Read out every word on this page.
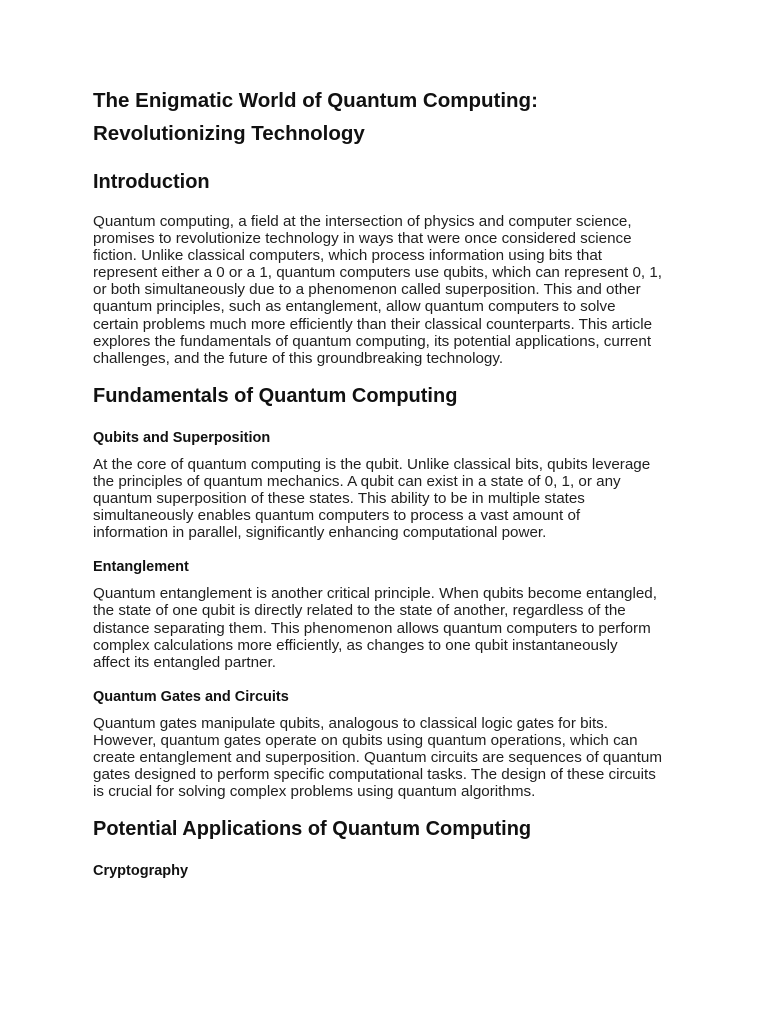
The Enigmatic World of Quantum Computing:
Revolutionizing Technology
Introduction

Quantum computing, a field at the intersection of physics and computer science,
promises to revolutionize technology in ways that were once considered science
fiction. Unlike classical computers, which process information using bits that
represent either a 0 or a 1, quantum computers use qubits, which can represent 0, 1,
or both simultaneously due to a phenomenon called superposition. This and other
quantum principles, such as entanglement, allow quantum computers to solve
certain problems much more efficiently than their classical counterparts. This article
explores the fundamentals of quantum computing, its potential applications, current
challenges, and the future of this groundbreaking technology.

Fundamentals of Quantum Computing
Qubits and Superposition

At the core of quantum computing is the qubit. Unlike classical bits, qubits leverage
the principles of quantum mechanics. A qubit can exist in a state of 0, 1, or any
quantum superposition of these states. This ability to be in multiple states
simultaneously enables quantum computers to process a vast amount of
information in parallel, significantly enhancing computational power.

Entanglement

Quantum entanglement is another critical principle. When qubits become entangled,
the state of one qubit is directly related to the state of another, regardless of the
distance separating them. This phenomenon allows quantum computers to perform
complex calculations more efficiently, as changes to one qubit instantaneously
affect its entangled partner.

Quantum Gates and Circuits

Quantum gates manipulate qubits, analogous to classical logic gates for bits.
However, quantum gates operate on qubits using quantum operations, which can
create entanglement and superposition. Quantum circuits are sequences of quantum
gates designed to perform specific computational tasks. The design of these circuits
is crucial for solving complex problems using quantum algorithms.

Potential Applications of Quantum Computing
Cryptography
